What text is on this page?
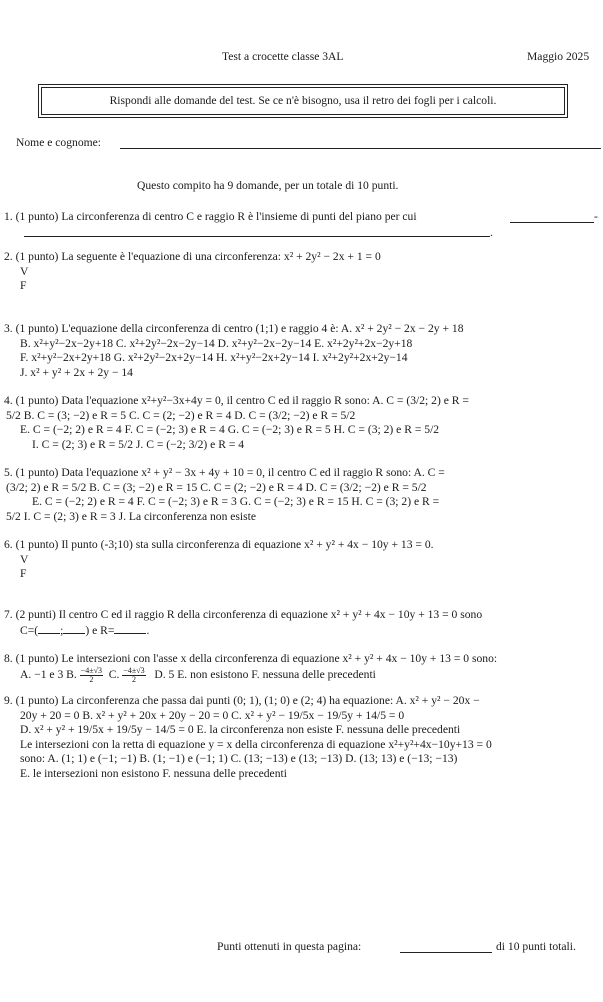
Test a crocette classe 3AL	Maggio 2025
Rispondi alle domande del test. Se ce n'è bisogno, usa il retro dei fogli per i calcoli.
Nome e cognome:
Questo compito ha 9 domande, per un totale di 10 punti.
1. (1 punto) La circonferenza di centro C e raggio R è l'insieme di punti del piano per cui	-
.
2. (1 punto) La seguente è l'equazione di una circonferenza: x² + 2y² − 2x + 1 = 0
V
F
3. (1 punto) L'equazione della circonferenza di centro (1;1) e raggio 4 è: A. x² + 2y² − 2x − 2y + 18
B. x²+y²−2x−2y+18 C. x²+2y²−2x−2y−14 D. x²+y²−2x−2y−14 E. x²+2y²+2x−2y+18
F. x²+y²−2x+2y+18 G. x²+2y²−2x+2y−14 H. x²+y²−2x+2y−14 I. x²+2y²+2x+2y−14
J. x² + y² + 2x + 2y − 14
4. (1 punto) Data l'equazione x²+y²−3x+4y = 0, il centro C ed il raggio R sono: A. C = (3/2; 2) e R =
5/2 B. C = (3; −2) e R = 5 C. C = (2; −2) e R = 4 D. C = (3/2; −2) e R = 5/2
E. C = (−2; 2) e R = 4 F. C = (−2; 3) e R = 4 G. C = (−2; 3) e R = 5 H. C = (3; 2) e R = 5/2
I. C = (2; 3) e R = 5/2 J. C = (−2; 3/2) e R = 4
5. (1 punto) Data l'equazione x² + y² − 3x + 4y + 10 = 0, il centro C ed il raggio R sono: A. C =
(3/2; 2) e R = 5/2 B. C = (3; −2) e R = 15 C. C = (2; −2) e R = 4 D. C = (3/2; −2) e R = 5/2
E. C = (−2; 2) e R = 4 F. C = (−2; 3) e R = 3 G. C = (−2; 3) e R = 15 H. C = (3; 2) e R =
5/2 I. C = (2; 3) e R = 3 J. La circonferenza non esiste
6. (1 punto) Il punto (-3;10) sta sulla circonferenza di equazione x² + y² + 4x − 10y + 13 = 0.
V
F
7. (2 punti) Il centro C ed il raggio R della circonferenza di equazione x² + y² + 4x − 10y + 13 = 0 sono
C=( ; ) e R=	.
8. (1 punto) Le intersezioni con l'asse x della circonferenza di equazione x² + y² + 4x − 10y + 13 = 0 sono:
A. −1 e 3 B. $\frac{-4\pm√3}{2} C$. $\frac{-4\pm√3}{2} D$. 5 E. non esistono F. nessuna delle precedenti
9. (1 punto) La circonferenza che passa dai punti (0; 1), (1; 0) e (2; 4) ha equazione: A. x² + y² − 20x −
20y + 20 = 0 B. x² + y² + 20x + 20y − 20 = 0 C. x² + y² − 19/5x − 19/5y + 14/5 = 0
D. x² + y² + 19/5x + 19/5y − 14/5 = 0 E. la circonferenza non esiste F. nessuna delle precedenti
Le intersezioni con la retta di equazione y = x della circonferenza di equazione x²+y²+4x−10y+13 = 0
sono: A. (1; 1) e (−1; −1) B. (1; −1) e (−1; 1) C. (13; −13) e (13; −13) D. (13; 13) e (−13; −13)
E. le intersezioni non esistono F. nessuna delle precedenti
Punti ottenuti in questa pagina:	di 10 punti totali.
